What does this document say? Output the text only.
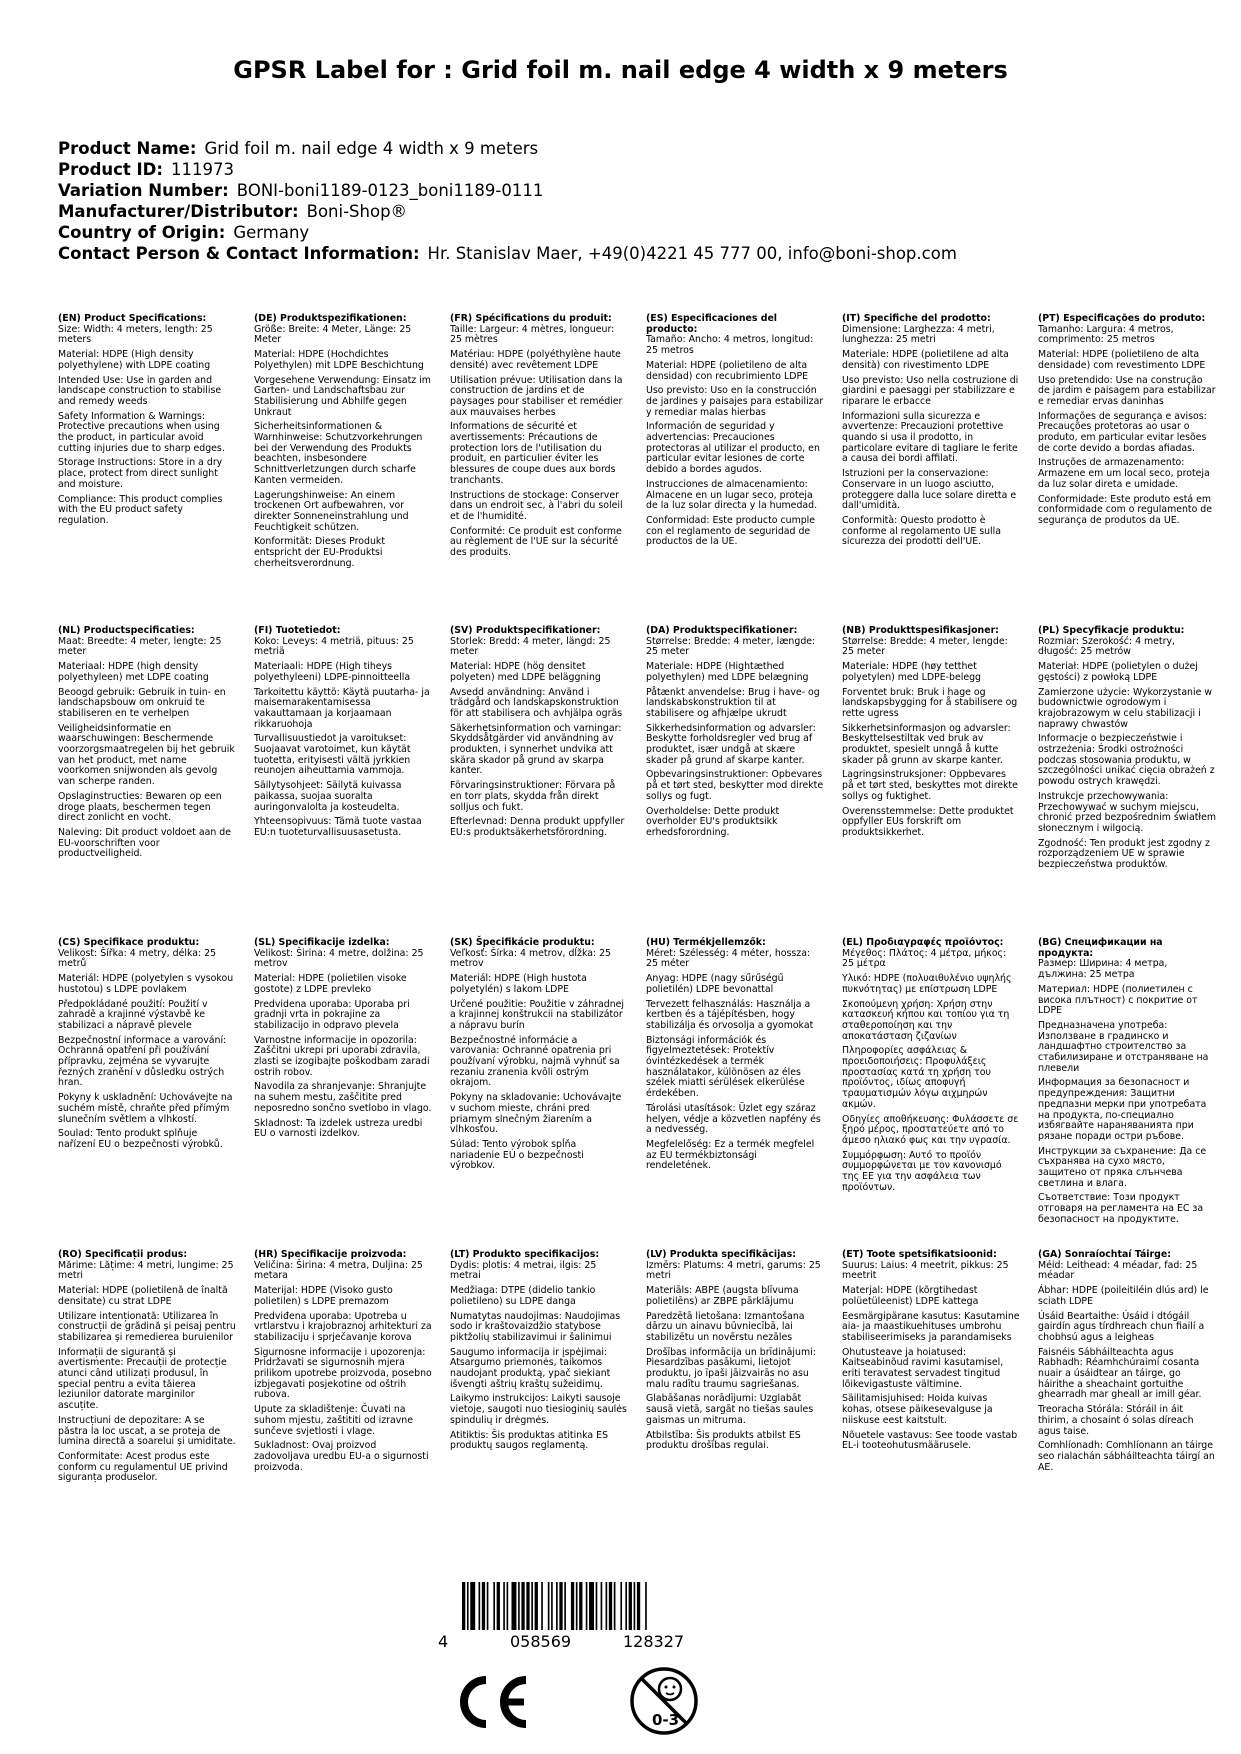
GPSR Label for : Grid foil m. nail edge 4 width x 9 meters
Product Name: Grid foil m. nail edge 4 width x 9 meters
Product ID: 111973
Variation Number: BONI-boni1189-0123_boni1189-0111
Manufacturer/Distributor: Boni-Shop®
Country of Origin: Germany
Contact Person & Contact Information: Hr. Stanislav Maer, +49(0)4221 45 777 00, info@boni-shop.com

(EN) Product Specifications:
Size: Width: 4 meters, length: 25 meters

Material: HDPE (High density polyethylene) with LDPE coating

Intended Use: Use in garden and landscape construction to stabilise and remedy weeds

Safety Information & Warnings: Protective precautions when using the product, in particular avoid cutting injuries due to sharp edges.

Storage Instructions: Store in a dry place, protect from direct sunlight and moisture.

Compliance: This product complies with the EU product safety regulation.

(DE) Produktspezifikationen:
Größe: Breite: 4 Meter, Länge: 25 Meter

Material: HDPE (Hochdichtes Polyethylen) mit LDPE Beschichtung

Vorgesehene Verwendung: Einsatz im Garten- und Landschaftsbau zur Stabilisierung und Abhilfe gegen Unkraut

Sicherheitsinformationen & Warnhinweise: Schutzvorkehrungen bei der Verwendung des Produkts beachten, insbesondere Schnittverletzungen durch scharfe Kanten vermeiden.

Lagerungshinweise: An einem trockenen Ort aufbewahren, vor direkter Sonneneinstrahlung und Feuchtigkeit schützen.

Konformität: Dieses Produkt entspricht der EU-Produktsi cherheitsverordnung.

(FR) Spécifications du produit:
Taille: Largeur: 4 mètres, longueur: 25 mètres

Matériau: HDPE (polyéthylène haute densité) avec revêtement LDPE

Utilisation prévue: Utilisation dans la construction de jardins et de paysages pour stabiliser et remédier aux mauvaises herbes

Informations de sécurité et avertissements: Précautions de protection lors de l'utilisation du produit, en particulier éviter les blessures de coupe dues aux bords tranchants.

Instructions de stockage: Conserver dans un endroit sec, à l'abri du soleil et de l'humidité.

Conformité: Ce produit est conforme au règlement de l'UE sur la sécurité des produits.

(ES) Especificaciones del producto:
Tamaño: Ancho: 4 metros, longitud: 25 metros

Material: HDPE (polietileno de alta densidad) con recubrimiento LDPE

Uso previsto: Uso en la construcción de jardines y paisajes para estabilizar y remediar malas hierbas

Información de seguridad y advertencias: Precauciones protectoras al utilizar el producto, en particular evitar lesiones de corte debido a bordes agudos.

Instrucciones de almacenamiento: Almacene en un lugar seco, proteja de la luz solar directa y la humedad.

Conformidad: Este producto cumple con el reglamento de seguridad de productos de la UE.

(IT) Specifiche del prodotto:
Dimensione: Larghezza: 4 metri, lunghezza: 25 metri

Materiale: HDPE (polietilene ad alta densità) con rivestimento LDPE

Uso previsto: Uso nella costruzione di giardini e paesaggi per stabilizzare e riparare le erbacce

Informazioni sulla sicurezza e avvertenze: Precauzioni protettive quando si usa il prodotto, in particolare evitare di tagliare le ferite a causa dei bordi affilati.

Istruzioni per la conservazione: Conservare in un luogo asciutto, proteggere dalla luce solare diretta e dall'umidità.

Conformità: Questo prodotto è conforme al regolamento UE sulla sicurezza dei prodotti dell'UE.

(PT) Especificações do produto:
Tamanho: Largura: 4 metros, comprimento: 25 metros

Material: HDPE (polietileno de alta densidade) com revestimento LDPE

Uso pretendido: Use na construção de jardim e paisagem para estabilizar e remediar ervas daninhas

Informações de segurança e avisos: Precauções protetoras ao usar o produto, em particular evitar lesões de corte devido a bordas afiadas.

Instruções de armazenamento: Armazene em um local seco, proteja da luz solar direta e umidade.

Conformidade: Este produto está em conformidade com o regulamento de segurança de produtos da UE.

(NL) Productspecificaties:
Maat: Breedte: 4 meter, lengte: 25 meter

Materiaal: HDPE (high density polyethyleen) met LDPE coating

Beoogd gebruik: Gebruik in tuin- en landschapsbouw om onkruid te stabiliseren en te verhelpen

Veiligheidsinformatie en waarschuwingen: Beschermende voorzorgsmaatregelen bij het gebruik van het product, met name voorkomen snijwonden als gevolg van scherpe randen.

Opslaginstructies: Bewaren op een droge plaats, beschermen tegen direct zonlicht en vocht.

Naleving: Dit product voldoet aan de EU-voorschriften voor productveiligheid.

(FI) Tuotetiedot:
Koko: Leveys: 4 metriä, pituus: 25 metriä

Materiaali: HDPE (High tiheys polyethyleeni) LDPE-pinnoitteella

Tarkoitettu käyttö: Käytä puutarha- ja maisemarakentamisessa vakauttamaan ja korjaamaan rikkaruohoja

Turvallisuustiedot ja varoitukset: Suojaavat varotoimet, kun käytät tuotetta, erityisesti vältä jyrkkien reunojen aiheuttamia vammoja.

Säilytysohjeet: Säilytä kuivassa paikassa, suojaa suoralta auringonvalolta ja kosteudelta.

Yhteensopivuus: Tämä tuote vastaa EU:n tuoteturvallisuusasetusta.

(SV) Produktspecifikationer:
Storlek: Bredd: 4 meter, längd: 25 meter

Material: HDPE (hög densitet polyeten) med LDPE beläggning

Avsedd användning: Använd i trädgård och landskapskonstruktion för att stabilisera och avhjälpa ogräs

Säkerhetsinformation och varningar: Skyddsåtgärder vid användning av produkten, i synnerhet undvika att skära skador på grund av skarpa kanter.

Förvaringsinstruktioner: Förvara på en torr plats, skydda från direkt solljus och fukt.

Efterlevnad: Denna produkt uppfyller EU:s produktsäkerhetsförordning.

(DA) Produktspecifikationer:
Størrelse: Bredde: 4 meter, længde: 25 meter

Materiale: HDPE (Hightæthed polyethylen) med LDPE belægning

Påtænkt anvendelse: Brug i have- og landskabskonstruktion til at stabilisere og afhjælpe ukrudt

Sikkerhedsinformation og advarsler: Beskytte forholdsregler ved brug af produktet, især undgå at skære skader på grund af skarpe kanter.

Opbevaringsinstruktioner: Opbevares på et tørt sted, beskytter mod direkte sollys og fugt.

Overholdelse: Dette produkt overholder EU's produktsikk erhedsforordning.

(NB) Produkttspesifikasjoner:
Størrelse: Bredde: 4 meter, lengde: 25 meter

Materiale: HDPE (høy tetthet polyetylen) med LDPE-belegg

Forventet bruk: Bruk i hage og landskapsbygging for å stabilisere og rette ugress

Sikkerhetsinformasjon og advarsler: Beskyttelsestiltak ved bruk av produktet, spesielt unngå å kutte skader på grunn av skarpe kanter.

Lagringsinstruksjoner: Oppbevares på et tørt sted, beskyttes mot direkte sollys og fuktighet.

Overensstemmelse: Dette produktet oppfyller EUs forskrift om produktsikkerhet.

(PL) Specyfikacje produktu:
Rozmiar: Szerokość: 4 metry, długość: 25 metrów

Materiał: HDPE (polietylen o dużej gęstości) z powłoką LDPE

Zamierzone użycie: Wykorzystanie w budownictwie ogrodowym i krajobrazowym w celu stabilizacji i naprawy chwastów

Informacje o bezpieczeństwie i ostrzeżenia: Środki ostrożności podczas stosowania produktu, w szczególności unikać cięcia obrażeń z powodu ostrych krawędzi.

Instrukcje przechowywania: Przechowywać w suchym miejscu, chronić przed bezpośrednim światłem słonecznym i wilgocią.

Zgodność: Ten produkt jest zgodny z rozporządzeniem UE w sprawie bezpieczeństwa produktów.

(CS) Specifikace produktu:
Velikost: Šířka: 4 metry, délka: 25 metrů

Materiál: HDPE (polyetylen s vysokou hustotou) s LDPE povlakem

Předpokládané použití: Použití v zahradě a krajinné výstavbě ke stabilizaci a nápravě plevele

Bezpečnostní informace a varování: Ochranná opatření při používání přípravku, zejména se vyvarujte řezných zranění v důsledku ostrých hran.

Pokyny k uskladnění: Uchovávejte na suchém místě, chraňte před přímým slunečním světlem a vlhkostí.

Soulad: Tento produkt splňuje nařízení EU o bezpečnosti výrobků.

(SL) Specifikacije izdelka:
Velikost: Širina: 4 metre, dolžina: 25 metrov

Material: HDPE (polietilen visoke gostote) z LDPE prevleko

Predvidena uporaba: Uporaba pri gradnji vrta in pokrajine za stabilizacijo in odpravo plevela

Varnostne informacije in opozorila: Zaščitni ukrepi pri uporabi zdravila, zlasti se izogibajte poškodbam zaradi ostrih robov.

Navodila za shranjevanje: Shranjujte na suhem mestu, zaščitite pred neposredno sončno svetlobo in vlago.

Skladnost: Ta izdelek ustreza uredbi EU o varnosti izdelkov.

(SK) Špecifikácie produktu:
Veľkosť: Šírka: 4 metrov, dĺžka: 25 metrov

Materiál: HDPE (High hustota polyetylén) s lakom LDPE

Určené použitie: Použitie v záhradnej a krajinnej konštrukcii na stabilizátor a nápravu burín

Bezpečnostné informácie a varovania: Ochranné opatrenia pri používaní výrobku, najmä vyhnúť sa rezaniu zranenia kvôli ostrým okrajom.

Pokyny na skladovanie: Uchovávajte v suchom mieste, chráni pred priamym slnečným žiarením a vlhkosťou.

Súlad: Tento výrobok spĺňa nariadenie EÚ o bezpečnosti výrobkov.

(HU) Termékjellemzők:
Méret: Szélesség: 4 méter, hossza: 25 méter

Anyag: HDPE (nagy sűrűségű polietilén) LDPE bevonattal

Tervezett felhasználás: Használja a kertben és a tájépítésben, hogy stabilizálja és orvosolja a gyomokat

Biztonsági információk és figyelmeztetések: Protektív óvintézkedések a termék használatakor, különösen az éles szélek miatti sérülések elkerülése érdekében.

Tárolási utasítások: Üzlet egy száraz helyen, védje a közvetlen napfény és a nedvesség.

Megfelelőség: Ez a termék megfelel az EU termékbiztonsági rendeletének.

(EL) Προδιαγραφές προϊόντος:
Μέγεθος: Πλάτος: 4 μέτρα, μήκος: 25 μέτρα

Υλικό: HDPE (πολυαιθυλένιο υψηλής πυκνότητας) με επίστρωση LDPE

Σκοπούμενη χρήση: Χρήση στην κατασκευή κήπου και τοπίου για τη σταθεροποίηση και την αποκατάσταση ζιζανίων

Πληροφορίες ασφάλειας & προειδοποιήσεις: Προφυλάξεις προστασίας κατά τη χρήση του προϊόντος, ιδίως αποφυγή τραυματισμών λόγω αιχμηρών ακμών.

Οδηγίες αποθήκευσης: Φυλάσσετε σε ξηρό μέρος, προστατεύετε από το άμεσο ηλιακό φως και την υγρασία.

Συμμόρφωση: Αυτό το προϊόν συμμορφώνεται με τον κανονισμό της ΕΕ για την ασφάλεια των προϊόντων.

(BG) Спецификации на продукта:
Размер: Ширина: 4 метра, дължина: 25 метра

Материал: HDPE (полиетилен с висока плътност) с покритие от LDPE

Предназначена употреба: Използване в градинско и ландшафтно строителство за стабилизиране и отстраняване на плевели

Информация за безопасност и предупреждения: Защитни предпазни мерки при употребата на продукта, по-специално избягвайте нараняванията при рязане поради остри ръбове.

Инструкции за съхранение: Да се съхранява на сухо място, защитено от пряка слънчева светлина и влага.

Съответствие: Този продукт отговаря на регламента на ЕС за безопасност на продуктите.

(RO) Specificații produs:
Mărime: Lățime: 4 metri, lungime: 25 metri

Material: HDPE (polietilenă de înaltă densitate) cu strat LDPE

Utilizare intenționată: Utilizarea în construcții de grădină și peisaj pentru stabilizarea și remedierea buruienilor

Informații de siguranță și avertismente: Precauții de protecție atunci când utilizați produsul, în special pentru a evita tăierea leziunilor datorate marginilor ascuțite.

Instrucțiuni de depozitare: A se păstra la loc uscat, a se proteja de lumina directă a soarelui și umiditate.

Conformitate: Acest produs este conform cu regulamentul UE privind siguranța produselor.

(HR) Specifikacije proizvoda:
Veličina: Širina: 4 metra, Duljina: 25 metara

Materijal: HDPE (Visoko gusto polietilen) s LDPE premazom

Predviđena uporaba: Upotreba u vrtlarstvu i krajobraznoj arhitekturi za stabilizaciju i sprječavanje korova

Sigurnosne informacije i upozorenja: Pridržavati se sigurnosnih mjera prilikom upotrebe proizvoda, posebno izbjegavati posjekotine od oštrih rubova.

Upute za skladištenje: Čuvati na suhom mjestu, zaštititi od izravne sunčeve svjetlosti i vlage.

Sukladnost: Ovaj proizvod zadovoljava uredbu EU-a o sigurnosti proizvoda.

(LT) Produkto specifikacijos:
Dydis: plotis: 4 metrai, ilgis: 25 metrai

Medžiaga: DTPE (didelio tankio polietileno) su LDPE danga

Numatytas naudojimas: Naudojimas sodo ir kraštovaizdžio statybose piktžolių stabilizavimui ir šalinimui

Saugumo informacija ir įspėjimai: Atsargumo priemonės, taikomos naudojant produktą, ypač siekiant išvengti aštrių kraštų sužeidimų.

Laikymo instrukcijos: Laikyti sausoje vietoje, saugoti nuo tiesioginių saulės spindulių ir drėgmės.

Atitiktis: Šis produktas atitinka ES produktų saugos reglamentą.

(LV) Produkta specifikācijas:
Izmērs: Platums: 4 metri, garums: 25 metri

Materiāls: ABPE (augsta blīvuma polietilēns) ar ZBPE pārklājumu

Paredzētā lietošana: Izmantošana dārzu un ainavu būvniecībā, lai stabilizētu un novērstu nezāles

Drošības informācija un brīdinājumi: Piesardzības pasākumi, lietojot produktu, jo īpaši jāizvairās no asu malu radītu traumu sagriešanas.

Glabāšanas norādījumi: Uzglabāt sausā vietā, sargāt no tiešas saules gaismas un mitruma.

Atbilstība: Šis produkts atbilst ES produktu drošības regulai.

(ET) Toote spetsifikatsioonid:
Suurus: Laius: 4 meetrit, pikkus: 25 meetrit

Materjal: HDPE (kõrgtihedast polüetüleenist) LDPE kattega

Eesmärgipärane kasutus: Kasutamine aia- ja maastikuehituses umbrohu stabiliseerimiseks ja parandamiseks

Ohutusteave ja hoiatused: Kaitseabinõud ravimi kasutamisel, eriti teravatest servadest tingitud lõikevigastuste vältimine.

Säilitamisjuhised: Hoida kuivas kohas, otsese päikesevalguse ja niiskuse eest kaitstult.

Nõuetele vastavus: See toode vastab EL-i tooteohutusmäärusele.

(GA) Sonraíochtaí Táirge:
Méid: Leithead: 4 méadar, fad: 25 méadar

Ábhar: HDPE (poileitiléin dlús ard) le sciath LDPE

Úsáid Beartaithe: Úsáid i dtógáil gairdín agus tírdhreach chun fiailí a chobhsú agus a leigheas

Faisnéis Sábháilteachta agus Rabhadh: Réamhchúraimí cosanta nuair a úsáidtear an táirge, go háirithe a sheachaint gortuithe ghearradh mar gheall ar imill géar.

Treoracha Stórála: Stóráil in áit thirim, a chosaint ó solas díreach agus taise.

Comhlíonadh: Comhlíonann an táirge seo rialachán sábháilteachta táirgí an AE.

4	058569	128327
0-3
